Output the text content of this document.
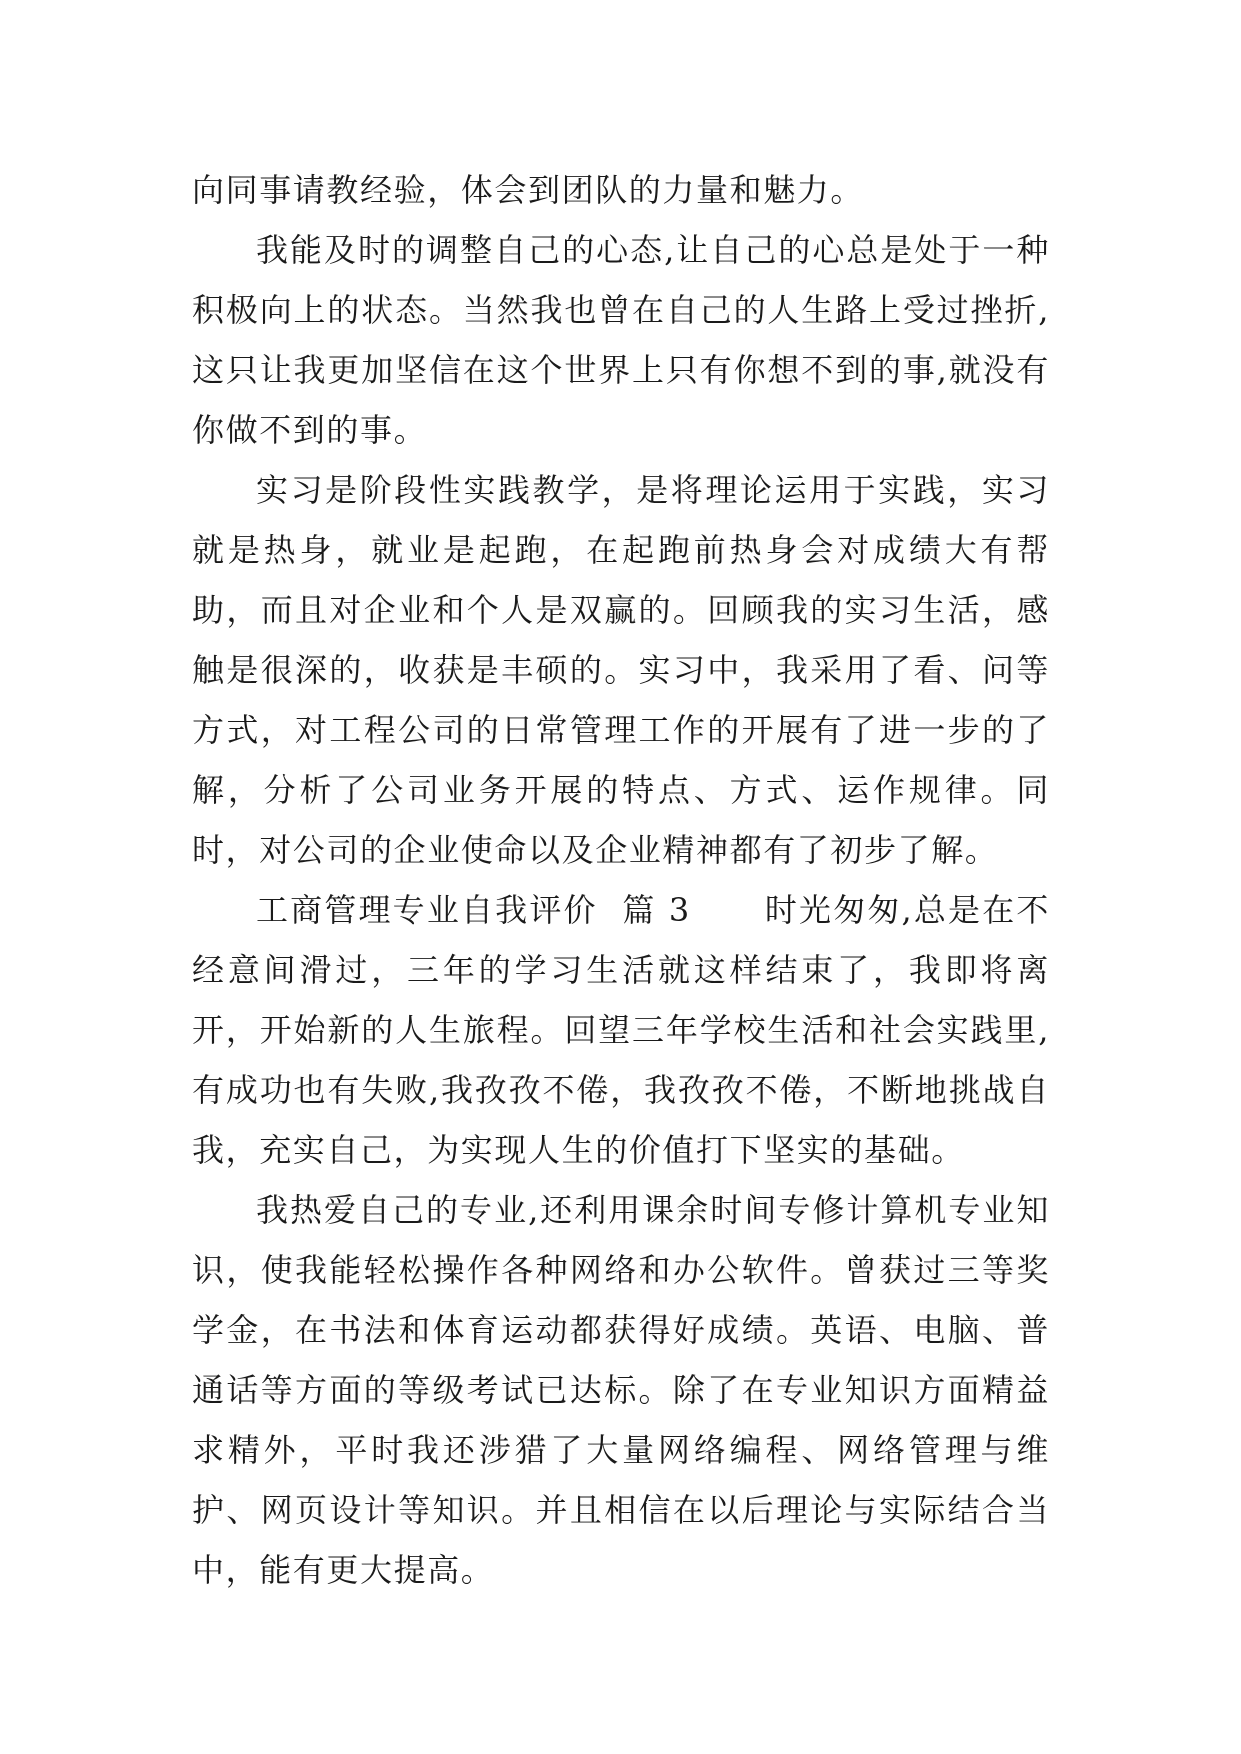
向同事请教经验，体会到团队的力量和魅力。

我能及时的调整自己的心态,让自己的心总是处于一种积极向上的状态。当然我也曾在自己的人生路上受过挫折,这只让我更加坚信在这个世界上只有你想不到的事,就没有你做不到的事。

实习是阶段性实践教学，是将理论运用于实践，实习就是热身，就业是起跑，在起跑前热身会对成绩大有帮助，而且对企业和个人是双赢的。回顾我的实习生活，感触是很深的，收获是丰硕的。实习中，我采用了看、问等方式，对工程公司的日常管理工作的开展有了进一步的了解，分析了公司业务开展的特点、方式、运作规律。同时，对公司的企业使命以及企业精神都有了初步了解。

工商管理专业自我评价  篇 3 时光匆匆,总是在不经意间滑过，三年的学习生活就这样结束了，我即将离开，开始新的人生旅程。回望三年学校生活和社会实践里,有成功也有失败,我孜孜不倦，我孜孜不倦，不断地挑战自我，充实自己，为实现人生的价值打下坚实的基础。

我热爱自己的专业,还利用课余时间专修计算机专业知识，使我能轻松操作各种网络和办公软件。曾获过三等奖学金，在书法和体育运动都获得好成绩。英语、电脑、普通话等方面的等级考试已达标。除了在专业知识方面精益求精外，平时我还涉猎了大量网络编程、网络管理与维护、网页设计等知识。并且相信在以后理论与实际结合当中，能有更大提高。
